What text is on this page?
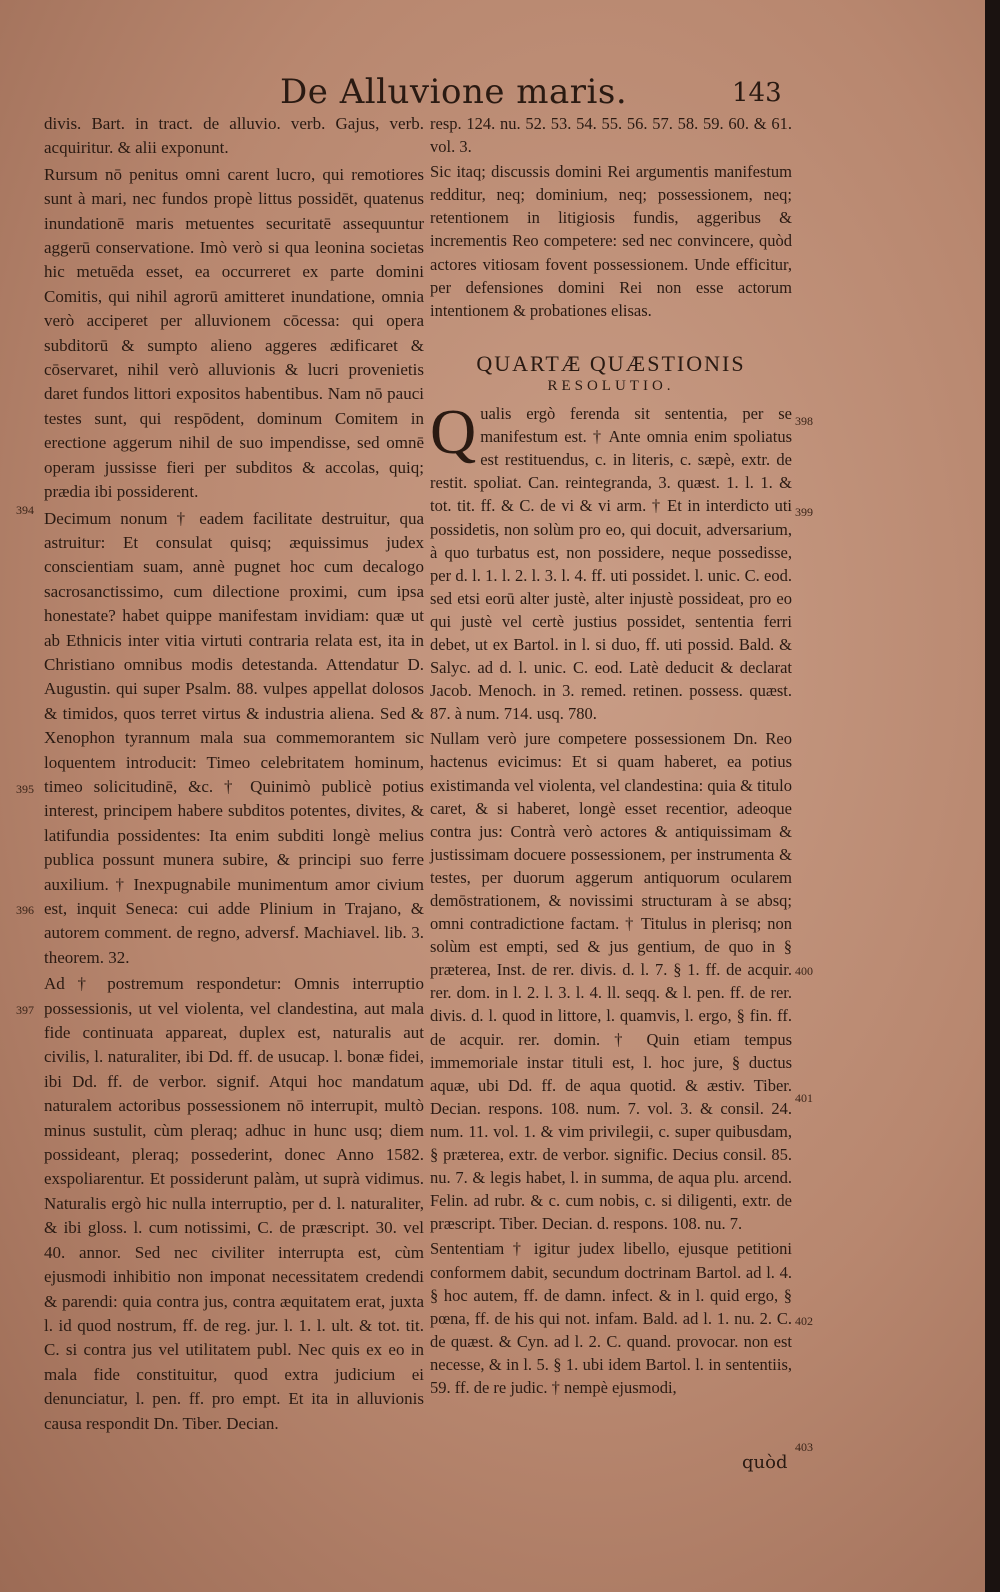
De Alluvione maris.	143
394
395
396
397
398
399
400
401
402
403

divis. Bart. in tract. de alluvio. verb. Gajus, verb. acquiritur. & alii exponunt.

Rursum nō penitus omni carent lucro, qui remotiores sunt à mari, nec fundos propè littus possidēt, quatenus inundationē maris metuentes securitatē assequuntur aggerū conservatione. Imò verò si qua leonina societas hic metuēda esset, ea occurreret ex parte domini Comitis, qui nihil agrorū amitteret inundatione, omnia verò acciperet per alluvionem cōcessa: qui opera subditorū & sumpto alieno aggeres ædificaret & cōservaret, nihil verò alluvionis & lucri provenietis daret fundos littori expositos habentibus. Nam nō pauci testes sunt, qui respōdent, dominum Comitem in erectione aggerum nihil de suo impendisse, sed omnē operam jussisse fieri per subditos & accolas, quiq; prædia ibi possiderent.

Decimum nonum † eadem facilitate destruitur, qua astruitur: Et consulat quisq; æquissimus judex conscientiam suam, annè pugnet hoc cum decalogo sacrosanctissimo, cum dilectione proximi, cum ipsa honestate? habet quippe manifestam invidiam: quæ ut ab Ethnicis inter vitia virtuti contraria relata est, ita in Christiano omnibus modis detestanda. Attendatur D. Augustin. qui super Psalm. 88. vulpes appellat dolosos & timidos, quos terret virtus & industria aliena. Sed & Xenophon tyrannum mala sua commemorantem sic loquentem introducit: Timeo celebritatem hominum, timeo solicitudinē, &c. † Quinimò publicè potius interest, principem habere subditos potentes, divites, & latifundia possidentes: Ita enim subditi longè melius publica possunt munera subire, & principi suo ferre auxilium. † Inexpugnabile munimentum amor civium est, inquit Seneca: cui adde Plinium in Trajano, & autorem comment. de regno, adversf. Machiavel. lib. 3. theorem. 32.

Ad † postremum respondetur: Omnis interruptio possessionis, ut vel violenta, vel clandestina, aut mala fide continuata appareat, duplex est, naturalis aut civilis, l. naturaliter, ibi Dd. ff. de usucap. l. bonæ fidei, ibi Dd. ff. de verbor. signif. Atqui hoc mandatum naturalem actoribus possessionem nō interrupit, multò minus sustulit, cùm pleraq; adhuc in hunc usq; diem possideant, pleraq; possederint, donec Anno 1582. exspoliarentur. Et possiderunt palàm, ut suprà vidimus. Naturalis ergò hic nulla interruptio, per d. l. naturaliter, & ibi gloss. l. cum notissimi, C. de præscript. 30. vel 40. annor. Sed nec civiliter interrupta est, cùm ejusmodi inhibitio non imponat necessitatem credendi & parendi: quia contra jus, contra æquitatem erat, juxta l. id quod nostrum, ff. de reg. jur. l. 1. l. ult. & tot. tit. C. si contra jus vel utilitatem publ. Nec quis ex eo in mala fide constituitur, quod extra judicium ei denunciatur, l. pen. ff. pro empt. Et ita in alluvionis causa respondit Dn. Tiber. Decian.

resp. 124. nu. 52. 53. 54. 55. 56. 57. 58. 59. 60. & 61. vol. 3.

Sic itaq; discussis domini Rei argumentis manifestum redditur, neq; dominium, neq; possessionem, neq; retentionem in litigiosis fundis, aggeribus & incrementis Reo competere: sed nec convincere, quòd actores vitiosam fovent possessionem. Unde efficitur, per defensiones domini Rei non esse actorum intentionem & probationes elisas.

QUARTÆ QUÆSTIONIS
RESOLUTIO.

Qualis ergò ferenda sit sententia, per se manifestum est. † Ante omnia enim spoliatus est restituendus, c. in literis, c. sæpè, extr. de restit. spoliat. Can. reintegranda, 3. quæst. 1. l. 1. & tot. tit. ff. & C. de vi & vi arm. † Et in interdicto uti possidetis, non solùm pro eo, qui docuit, adversarium, à quo turbatus est, non possidere, neque possedisse, per d. l. 1. l. 2. l. 3. l. 4. ff. uti possidet. l. unic. C. eod. sed etsi eorū alter justè, alter injustè possideat, pro eo qui justè vel certè justius possidet, sententia ferri debet, ut ex Bartol. in l. si duo, ff. uti possid. Bald. & Salyc. ad d. l. unic. C. eod. Latè deducit & declarat Jacob. Menoch. in 3. remed. retinen. possess. quæst. 87. à num. 714. usq. 780.

Nullam verò jure competere possessionem Dn. Reo hactenus evicimus: Et si quam haberet, ea potius existimanda vel violenta, vel clandestina: quia & titulo caret, & si haberet, longè esset recentior, adeoque contra jus: Contrà verò actores & antiquissimam & justissimam docuere possessionem, per instrumenta & testes, per duorum aggerum antiquorum ocularem demōstrationem, & novissimi structuram à se absq; omni contradictione factam. † Titulus in plerisq; non solùm est empti, sed & jus gentium, de quo in § præterea, Inst. de rer. divis. d. l. 7. § 1. ff. de acquir. rer. dom. in l. 2. l. 3. l. 4. ll. seqq. & l. pen. ff. de rer. divis. d. l. quod in littore, l. quamvis, l. ergo, § fin. ff. de acquir. rer. domin. † Quin etiam tempus immemoriale instar tituli est, l. hoc jure, § ductus aquæ, ubi Dd. ff. de aqua quotid. & æstiv. Tiber. Decian. respons. 108. num. 7. vol. 3. & consil. 24. num. 11. vol. 1. & vim privilegii, c. super quibusdam, § præterea, extr. de verbor. signific. Decius consil. 85. nu. 7. & legis habet, l. in summa, de aqua plu. arcend. Felin. ad rubr. & c. cum nobis, c. si diligenti, extr. de præscript. Tiber. Decian. d. respons. 108. nu. 7.

Sententiam † igitur judex libello, ejusque petitioni conformem dabit, secundum doctrinam Bartol. ad l. 4. § hoc autem, ff. de damn. infect. & in l. quid ergo, § pœna, ff. de his qui not. infam. Bald. ad l. 1. nu. 2. C. de quæst. & Cyn. ad l. 2. C. quand. provocar. non est necesse, & in l. 5. § 1. ubi idem Bartol. l. in sententiis, 59. ff. de re judic. † nempè ejusmodi,

quòd
